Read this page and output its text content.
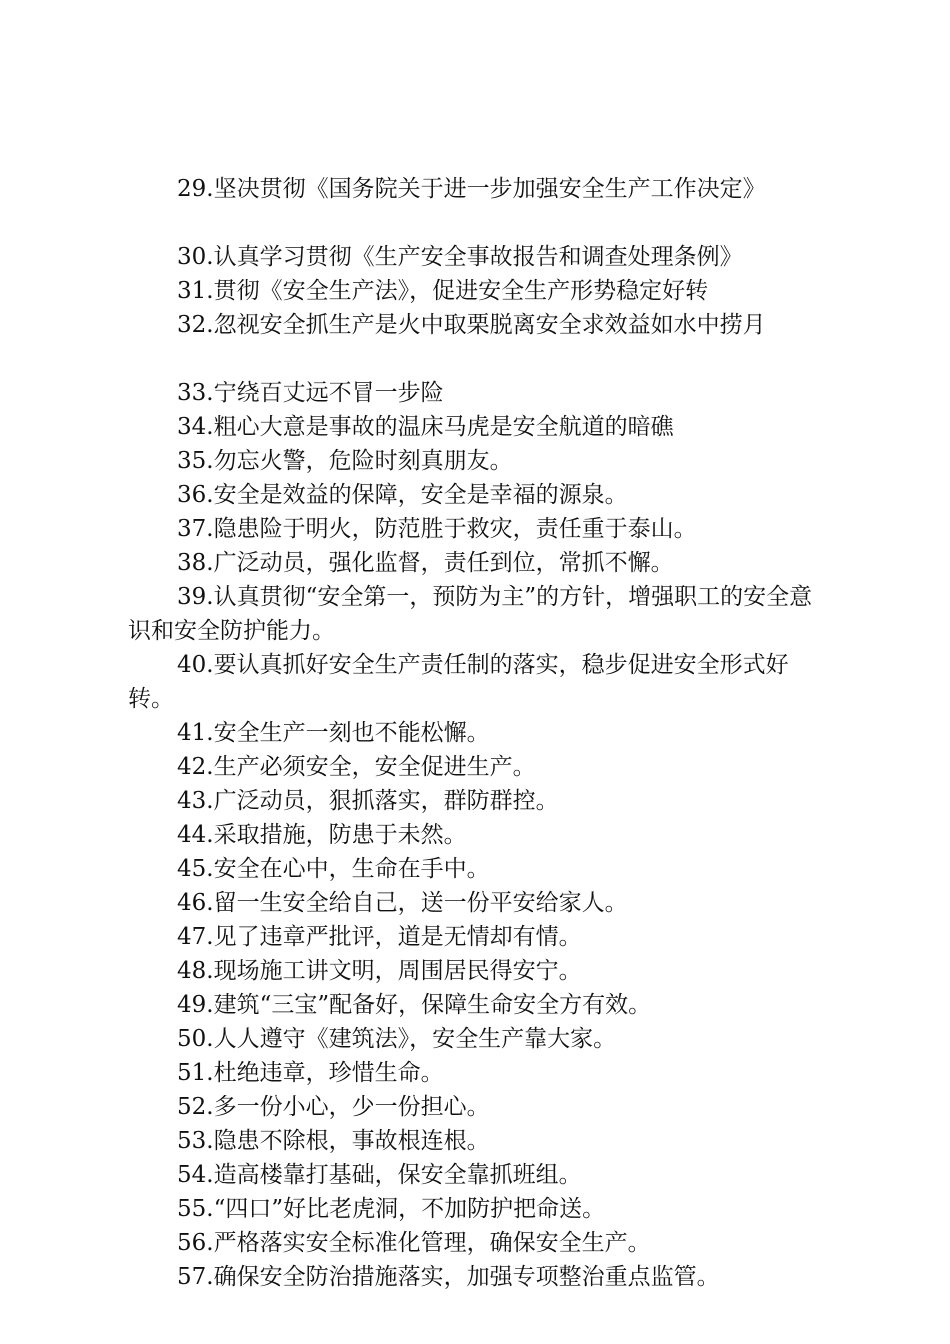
29.坚决贯彻《国务院关于进一步加强安全生产工作决定》

30.认真学习贯彻《生产安全事故报告和调查处理条例》

31.贯彻《安全生产法》，促进安全生产形势稳定好转

32.忽视安全抓生产是火中取栗脱离安全求效益如水中捞月

33.宁绕百丈远不冒一步险

34.粗心大意是事故的温床马虎是安全航道的暗礁

35.勿忘火警，危险时刻真朋友。

36.安全是效益的保障，安全是幸福的源泉。

37.隐患险于明火，防范胜于救灾，责任重于泰山。

38.广泛动员，强化监督，责任到位，常抓不懈。

39.认真贯彻“安全第一，预防为主”的方针，增强职工的安全意识和安全防护能力。

40.要认真抓好安全生产责任制的落实，稳步促进安全形式好转。

41.安全生产一刻也不能松懈。

42.生产必须安全，安全促进生产。

43.广泛动员，狠抓落实，群防群控。

44.采取措施，防患于未然。

45.安全在心中，生命在手中。

46.留一生安全给自己，送一份平安给家人。

47.见了违章严批评，道是无情却有情。

48.现场施工讲文明，周围居民得安宁。

49.建筑“三宝”配备好，保障生命安全方有效。

50.人人遵守《建筑法》，安全生产靠大家。

51.杜绝违章，珍惜生命。

52.多一份小心，少一份担心。

53.隐患不除根，事故根连根。

54.造高楼靠打基础，保安全靠抓班组。

55.“四口”好比老虎洞，不加防护把命送。

56.严格落实安全标准化管理，确保安全生产。

57.确保安全防治措施落实，加强专项整治重点监管。
